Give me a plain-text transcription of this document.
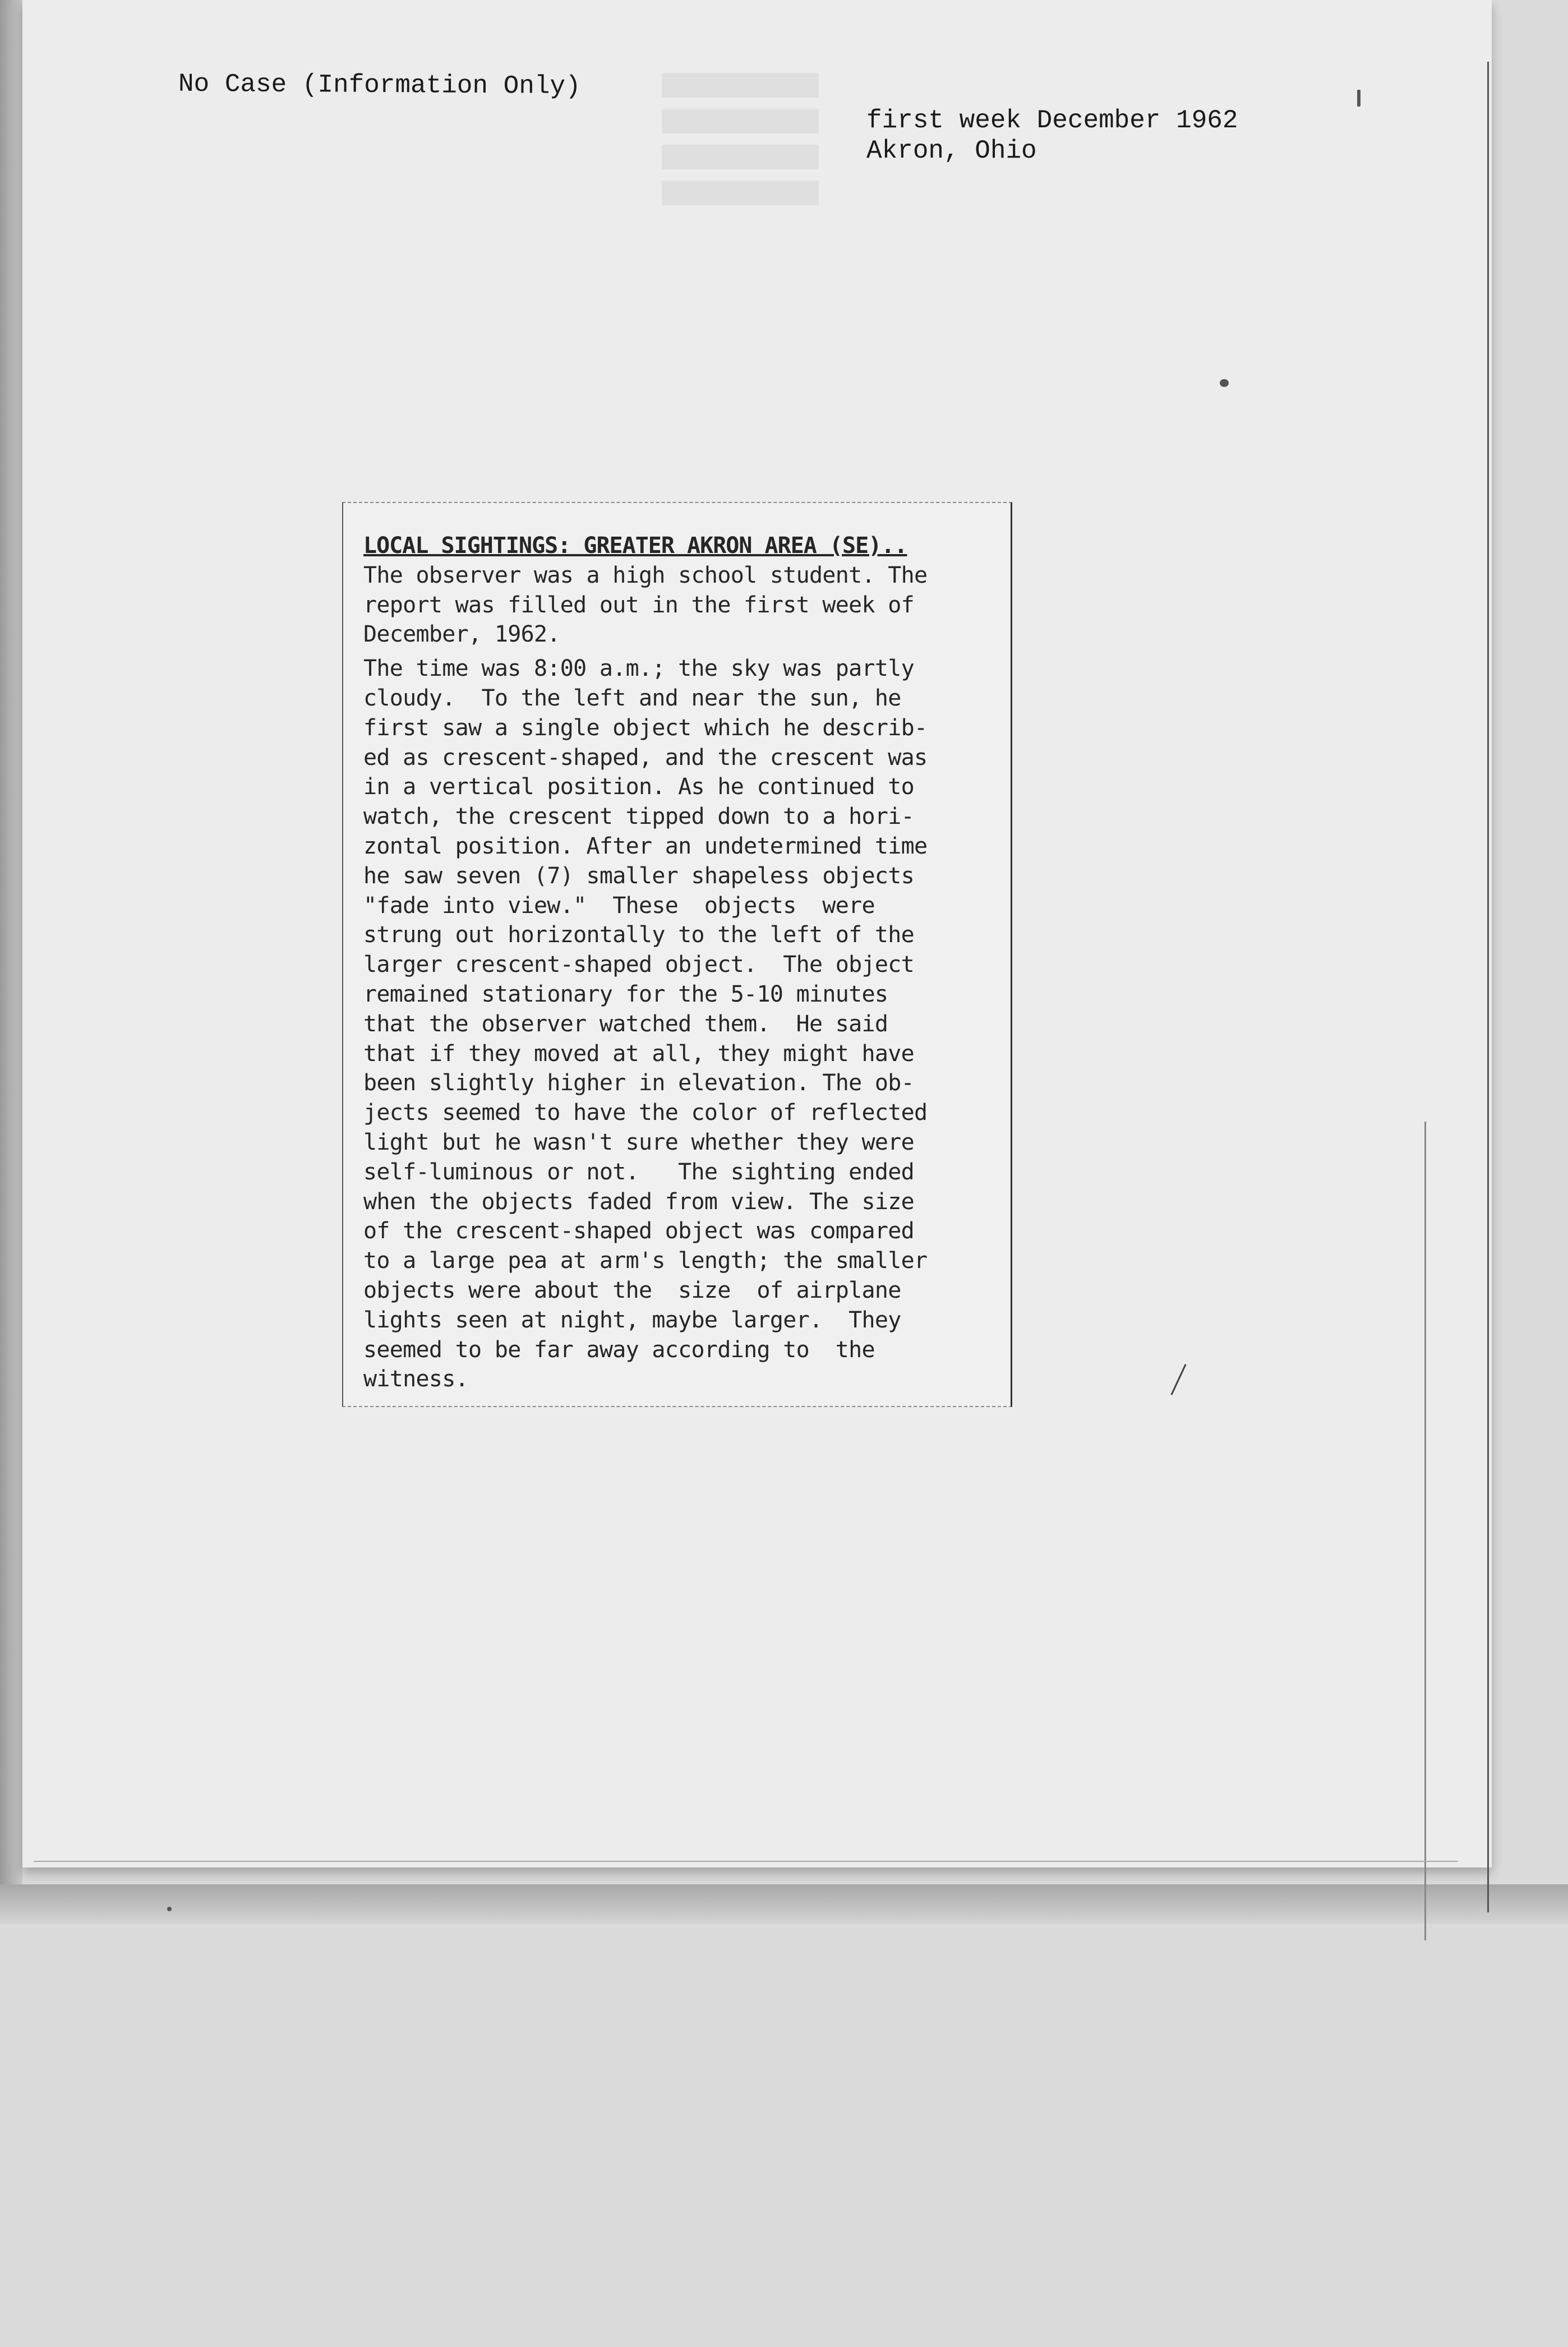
No Case (Information Only)
first week December 1962
Akron, Ohio
LOCAL SIGHTINGS: GREATER AKRON AREA (SE)..
The observer was a high school student. The
report was filled out in the first week of
December, 1962.
The time was 8:00 a.m.; the sky was partly
cloudy.  To the left and near the sun, he
first saw a single object which he describ-
ed as crescent-shaped, and the crescent was
in a vertical position. As he continued to
watch, the crescent tipped down to a hori-
zontal position. After an undetermined time
he saw seven (7) smaller shapeless objects
"fade into view."  These  objects  were
strung out horizontally to the left of the
larger crescent-shaped object.  The object
remained stationary for the 5-10 minutes
that the observer watched them.  He said
that if they moved at all, they might have
been slightly higher in elevation. The ob-
jects seemed to have the color of reflected
light but he wasn't sure whether they were
self-luminous or not.   The sighting ended
when the objects faded from view. The size
of the crescent-shaped object was compared
to a large pea at arm's length; the smaller
objects were about the  size  of airplane
lights seen at night, maybe larger.  They
seemed to be far away according to  the
witness.
